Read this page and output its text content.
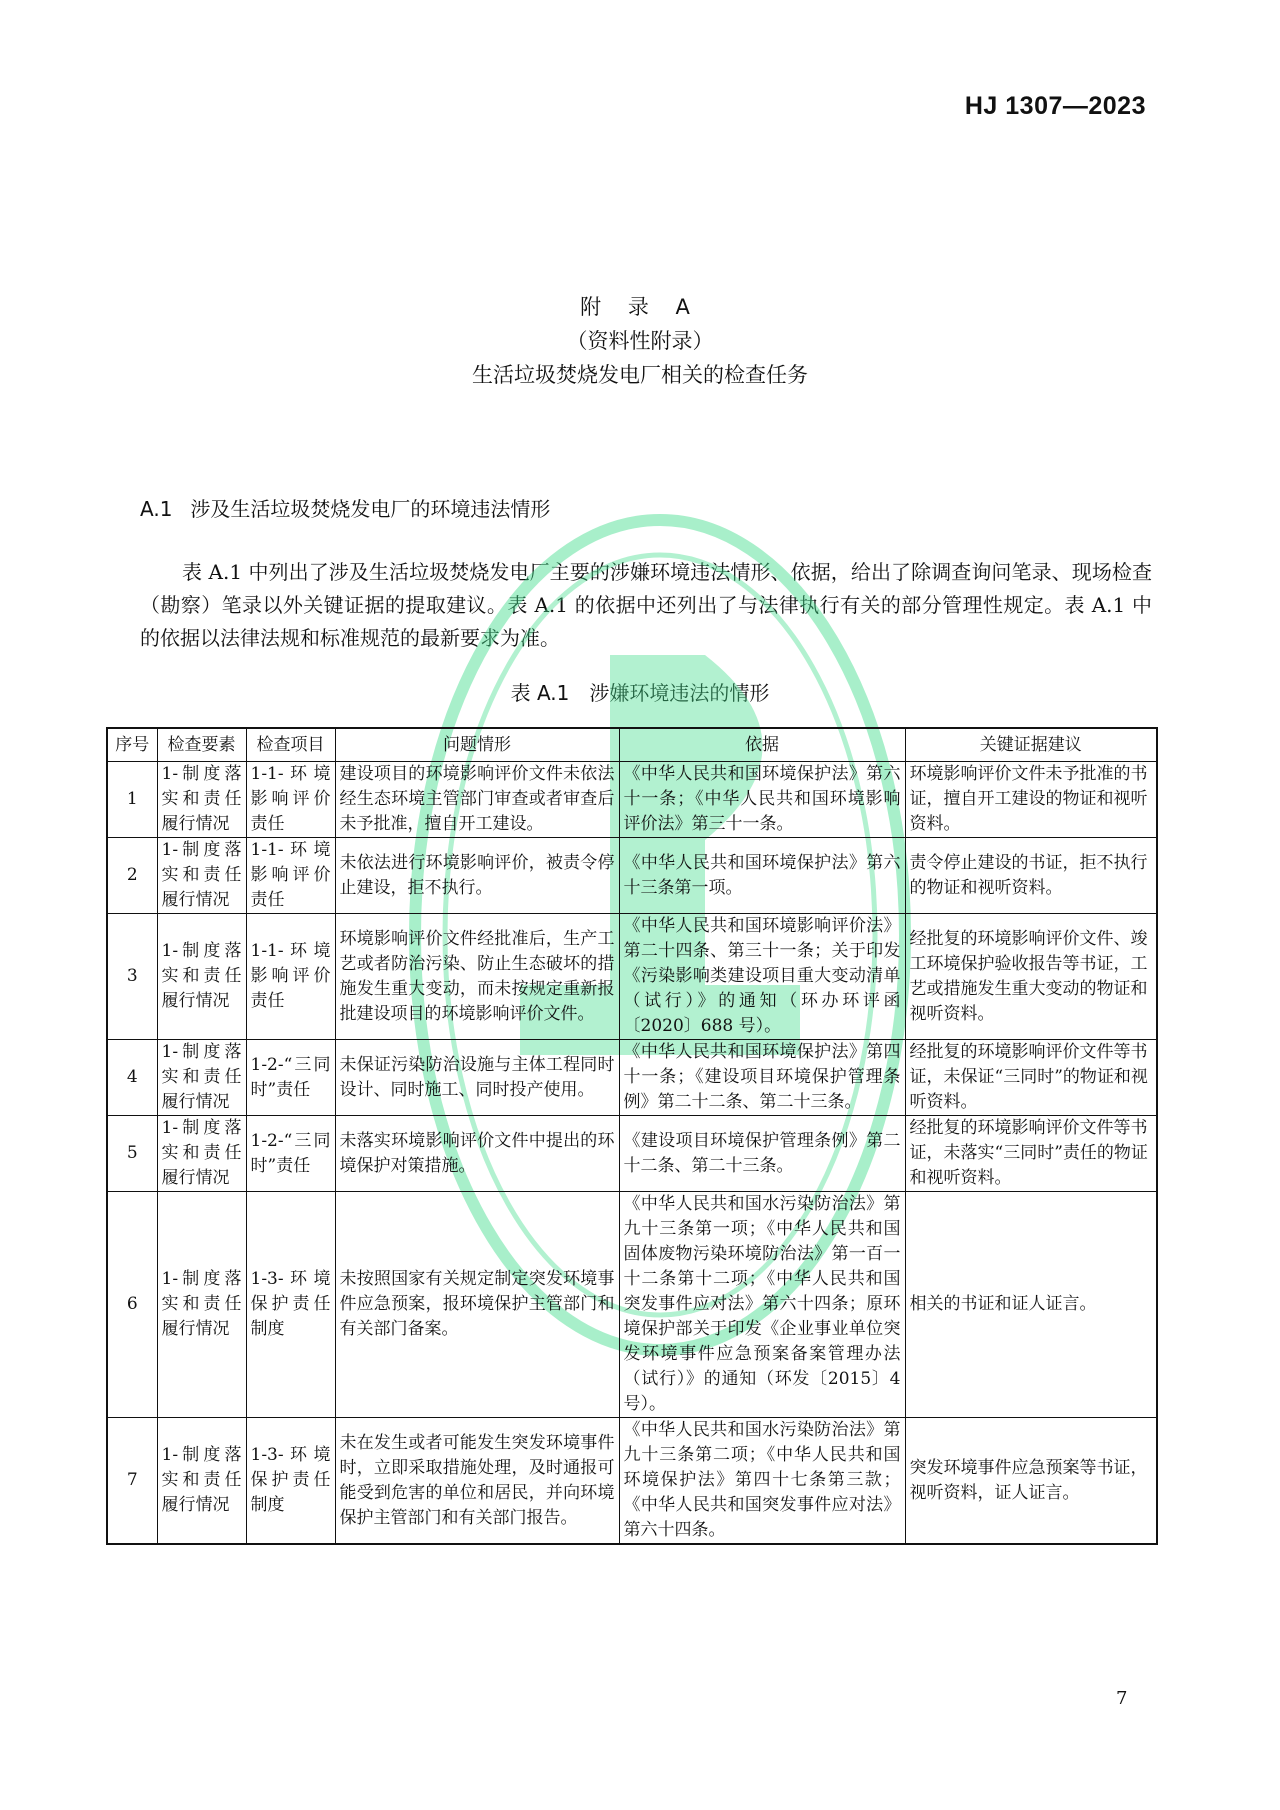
HJ 1307—2023
附 录 A
（资料性附录）
生活垃圾焚烧发电厂相关的检查任务
A.1 涉及生活垃圾焚烧发电厂的环境违法情形

表 A.1 中列出了涉及生活垃圾焚烧发电厂主要的涉嫌环境违法情形、依据，给出了除调查询问笔录、现场检查（勘察）笔录以外关键证据的提取建议。表 A.1 的依据中还列出了与法律执行有关的部分管理性规定。表 A.1 中的依据以法律法规和标准规范的最新要求为准。

表 A.1 涉嫌环境违法的情形
序号	检查要素	检查项目	问题情形	依据	关键证据建议
1	1-制度落实和责任履行情况	1-1-环境影响评价责任	建设项目的环境影响评价文件未依法经生态环境主管部门审查或者审查后未予批准，擅自开工建设。	《中华人民共和国环境保护法》第六十一条；《中华人民共和国环境影响评价法》第三十一条。	环境影响评价文件未予批准的书证，擅自开工建设的物证和视听资料。
2	1-制度落实和责任履行情况	1-1-环境影响评价责任	未依法进行环境影响评价，被责令停止建设，拒不执行。	《中华人民共和国环境保护法》第六十三条第一项。	责令停止建设的书证，拒不执行的物证和视听资料。
3	1-制度落实和责任履行情况	1-1-环境影响评价责任	环境影响评价文件经批准后，生产工艺或者防治污染、防止生态破坏的措施发生重大变动，而未按规定重新报批建设项目的环境影响评价文件。	《中华人民共和国环境影响评价法》第二十四条、第三十一条；关于印发《污染影响类建设项目重大变动清单（试行）》的通知（环办环评函〔2020〕688 号）。	经批复的环境影响评价文件、竣工环境保护验收报告等书证，工艺或措施发生重大变动的物证和视听资料。
4	1-制度落实和责任履行情况	1-2-“三同时”责任	未保证污染防治设施与主体工程同时设计、同时施工、同时投产使用。	《中华人民共和国环境保护法》第四十一条；《建设项目环境保护管理条例》第二十二条、第二十三条。	经批复的环境影响评价文件等书证，未保证“三同时”的物证和视听资料。
5	1-制度落实和责任履行情况	1-2-“三同时”责任	未落实环境影响评价文件中提出的环境保护对策措施。	《建设项目环境保护管理条例》第二十二条、第二十三条。	经批复的环境影响评价文件等书证，未落实“三同时”责任的物证和视听资料。
6	1-制度落实和责任履行情况	1-3-环境保护责任制度	未按照国家有关规定制定突发环境事件应急预案，报环境保护主管部门和有关部门备案。	《中华人民共和国水污染防治法》第九十三条第一项；《中华人民共和国固体废物污染环境防治法》第一百一十二条第十二项；《中华人民共和国突发事件应对法》第六十四条；原环境保护部关于印发《企业事业单位突发环境事件应急预案备案管理办法（试行）》的通知（环发〔2015〕4 号）。	相关的书证和证人证言。
7	1-制度落实和责任履行情况	1-3-环境保护责任制度	未在发生或者可能发生突发环境事件时，立即采取措施处理，及时通报可能受到危害的单位和居民，并向环境保护主管部门和有关部门报告。	《中华人民共和国水污染防治法》第九十三条第二项；《中华人民共和国环境保护法》第四十七条第三款；《中华人民共和国突发事件应对法》第六十四条。	突发环境事件应急预案等书证，视听资料，证人证言。
7
